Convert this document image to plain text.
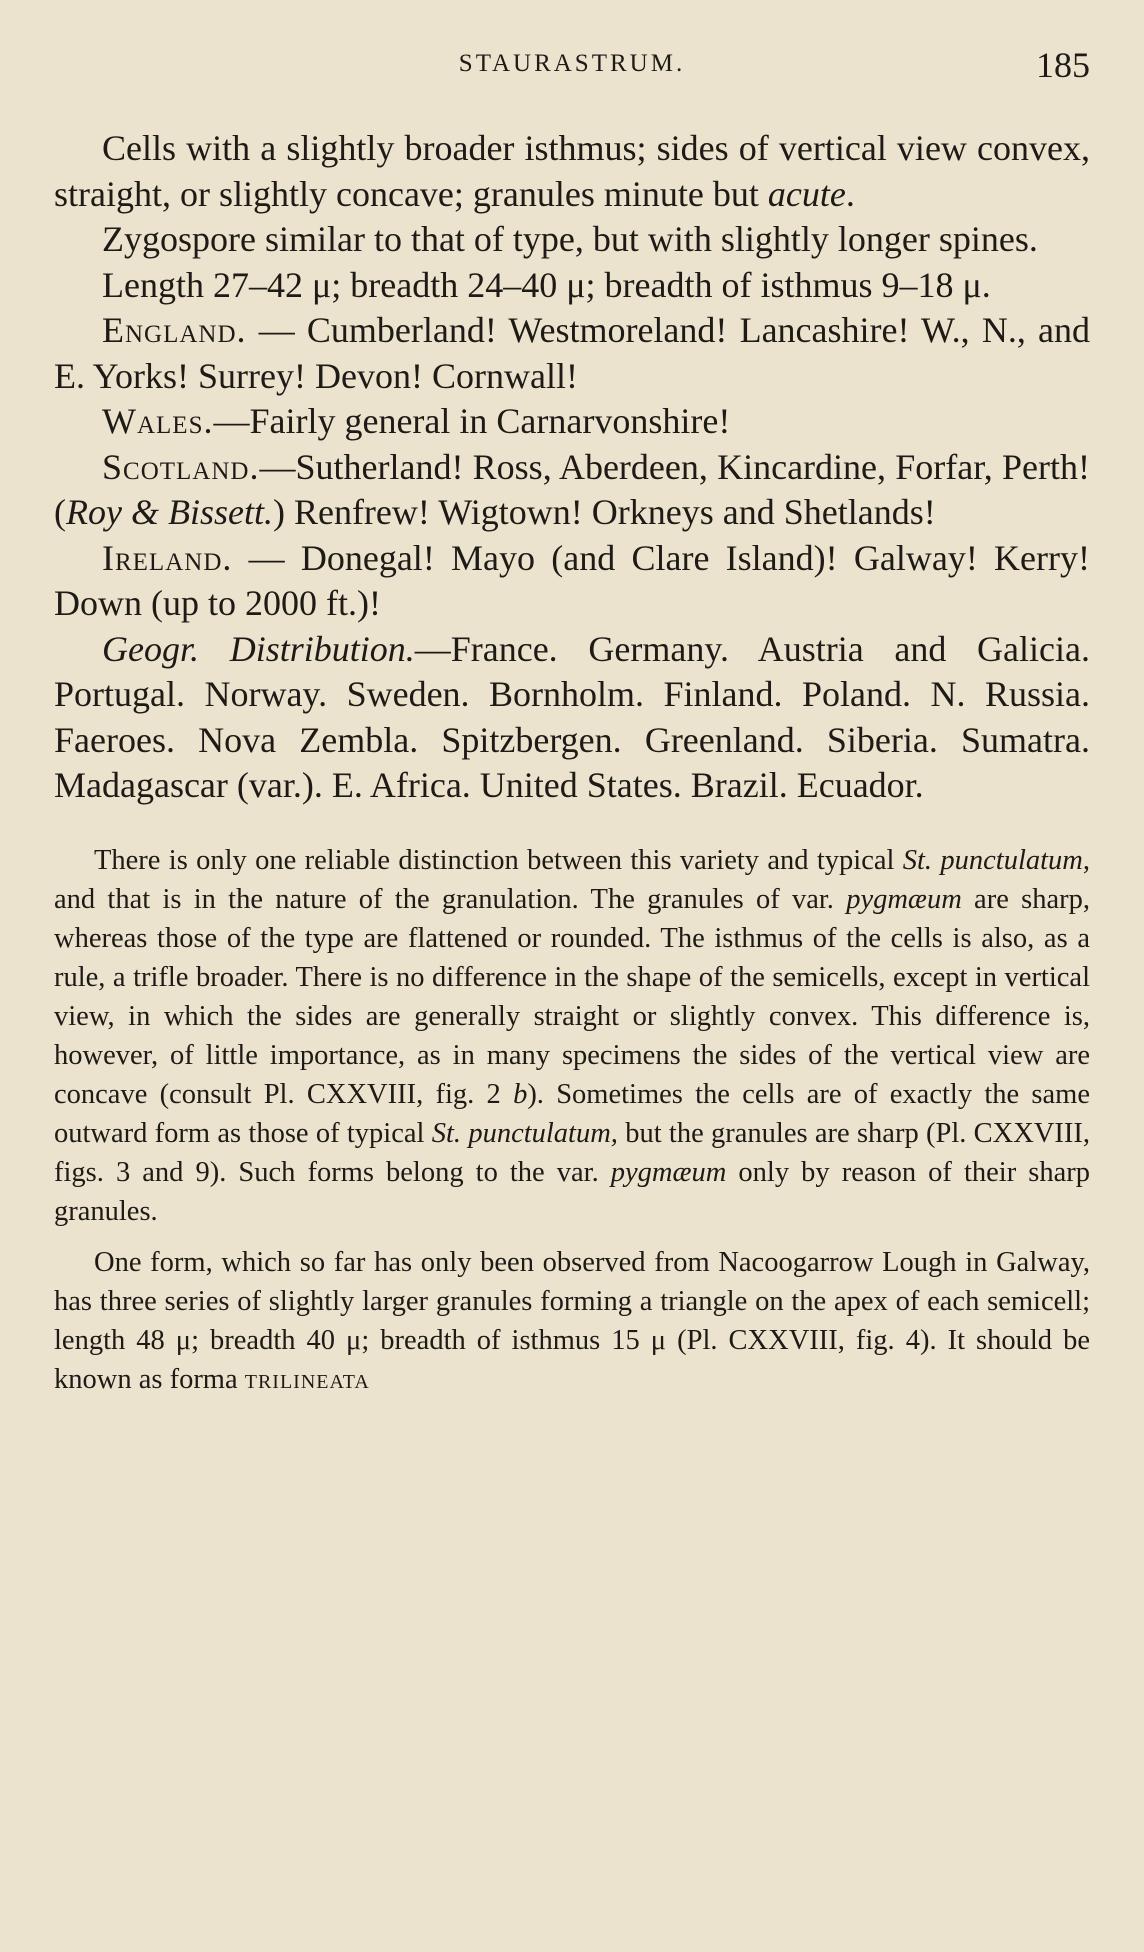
STAURASTRUM.	185

Cells with a slightly broader isthmus; sides of vertical view convex, straight, or slightly concave; granules minute but acute.

Zygospore similar to that of type, but with slightly longer spines.

Length 27–42 μ; breadth 24–40 μ; breadth of isthmus 9–18 μ.

England. — Cumberland! Westmoreland! Lancashire! W., N., and E. Yorks! Surrey! Devon! Cornwall!

Wales.—Fairly general in Carnarvonshire!

Scotland.—Sutherland! Ross, Aberdeen, Kincardine, Forfar, Perth! (Roy & Bissett.) Renfrew! Wigtown! Orkneys and Shetlands!

Ireland. — Donegal! Mayo (and Clare Island)! Galway! Kerry! Down (up to 2000 ft.)!

Geogr. Distribution.—France. Germany. Austria and Galicia. Portugal. Norway. Sweden. Bornholm. Finland. Poland. N. Russia. Faeroes. Nova Zembla. Spitzbergen. Greenland. Siberia. Sumatra. Madagascar (var.). E. Africa. United States. Brazil. Ecuador.

There is only one reliable distinction between this variety and typical St. punctulatum, and that is in the nature of the granulation. The granules of var. pygmæum are sharp, whereas those of the type are flattened or rounded. The isthmus of the cells is also, as a rule, a trifle broader. There is no difference in the shape of the semicells, except in vertical view, in which the sides are generally straight or slightly convex. This difference is, however, of little importance, as in many specimens the sides of the vertical view are concave (consult Pl. CXXVIII, fig. 2 b). Sometimes the cells are of exactly the same outward form as those of typical St. punctulatum, but the granules are sharp (Pl. CXXVIII, figs. 3 and 9). Such forms belong to the var. pygmæum only by reason of their sharp granules.

One form, which so far has only been observed from Nacoogarrow Lough in Galway, has three series of slightly larger granules forming a triangle on the apex of each semicell; length 48 μ; breadth 40 μ; breadth of isthmus 15 μ (Pl. CXXVIII, fig. 4). It should be known as forma trilineata
